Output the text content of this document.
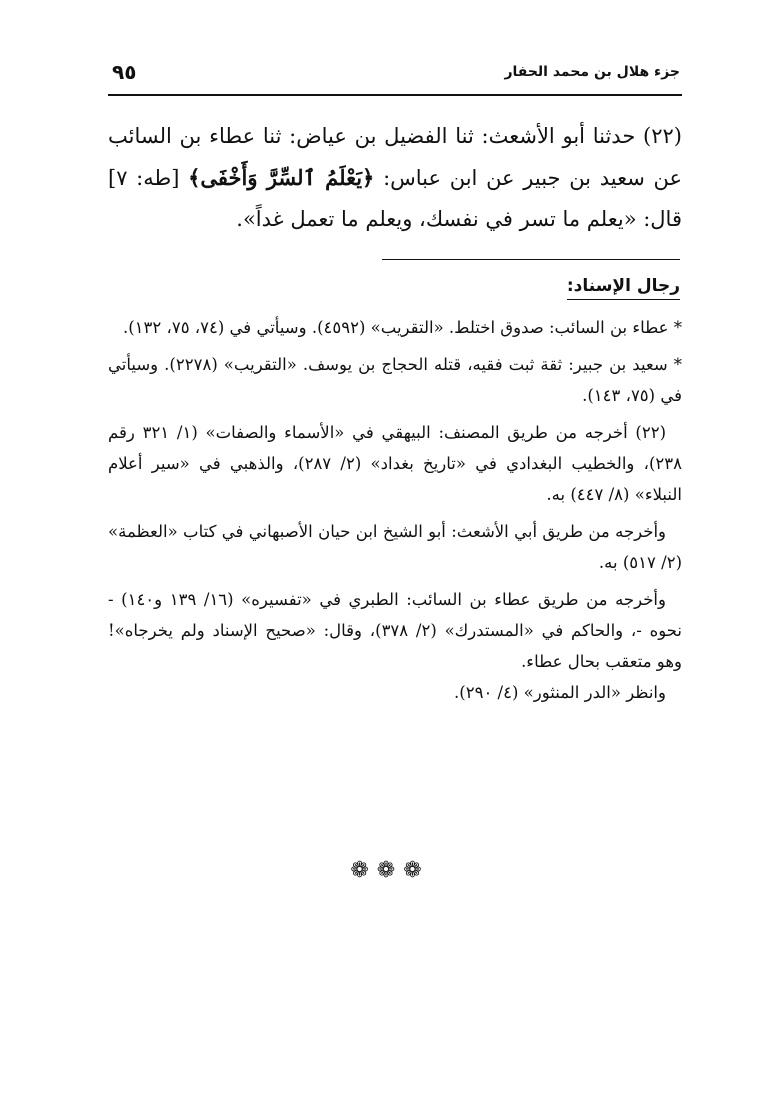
جزء هلال بن محمد الحفار
٩٥

(٢٢) حدثنا أبو الأشعث: ثنا الفضيل بن عياض: ثنا عطاء بن السائب عن سعيد بن جبير عن ابن عباس: ﴿يَعْلَمُ ٱلسِّرَّ وَأَخْفَى﴾ [طه: ٧] قال: «يعلم ما تسر في نفسك، ويعلم ما تعمل غداً».

رجال الإسناد:

* عطاء بن السائب: صدوق اختلط. «التقريب» (٤٥٩٢). وسيأتي في (٧٤، ٧٥، ١٣٢).

* سعيد بن جبير: ثقة ثبت فقيه، قتله الحجاج بن يوسف. «التقريب» (٢٢٧٨). وسيأتي في (٧٥، ١٤٣).

(٢٢) أخرجه من طريق المصنف: البيهقي في «الأسماء والصفات» (١/ ٣٢١ رقم ٢٣٨)، والخطيب البغدادي في «تاريخ بغداد» (٢/ ٢٨٧)، والذهبي في «سير أعلام النبلاء» (٨/ ٤٤٧) به.

وأخرجه من طريق أبي الأشعث: أبو الشيخ ابن حيان الأصبهاني في كتاب «العظمة» (٢/ ٥١٧) به.

وأخرجه من طريق عطاء بن السائب: الطبري في «تفسيره» (١٦/ ١٣٩ و١٤٠) - نحوه -، والحاكم في «المستدرك» (٢/ ٣٧٨)، وقال: «صحيح الإسناد ولم يخرجاه»! وهو متعقب بحال عطاء.

وانظر «الدر المنثور» (٤/ ٢٩٠).

❁❁❁
